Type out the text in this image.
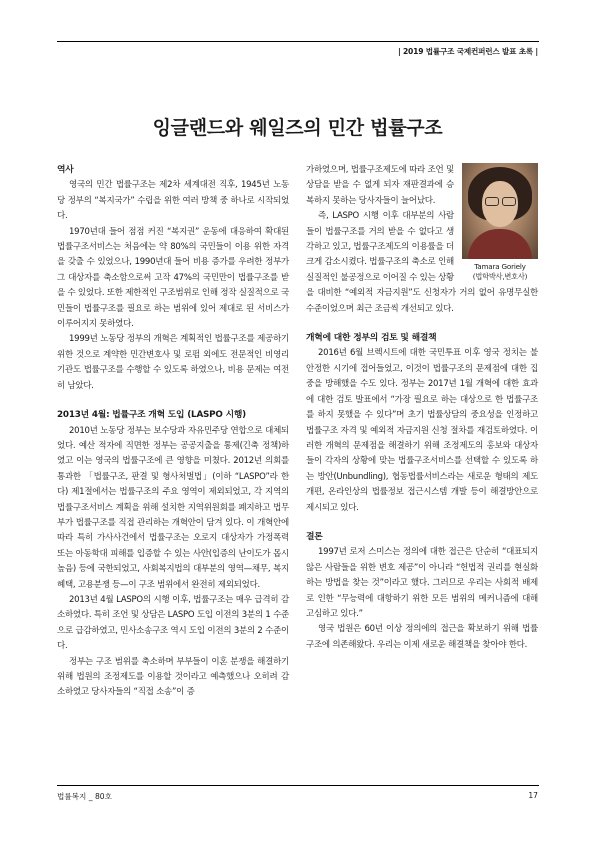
| 2019 법률구조 국제컨퍼런스 발표 초록 |
잉글랜드와 웨일즈의 민간 법률구조
역사

영국의 민간 법률구조는 제2차 세계대전 직후, 1945년 노동당 정부의 “복지국가” 수립을 위한 여러 방책 중 하나로 시작되었다.

1970년대 들어 점점 커진 “복지권” 운동에 대응하여 확대된 법률구조서비스는 처음에는 약 80%의 국민들이 이용 위한 자격을 갖출 수 있었으나, 1990년대 들어 비용 증가를 우려한 정부가 그 대상자를 축소함으로써 고작 47%의 국민만이 법률구조를 받을 수 있었다. 또한 제한적인 구조범위로 인해 정작 실질적으로 국민들이 법률구조를 필요로 하는 범위에 있어 제대로 된 서비스가 이루어지지 못하였다.

1999년 노동당 정부의 개혁은 계획적인 법률구조를 제공하기 위한 것으로 계약한 민간변호사 및 로펌 외에도 전문적인 비영리기관도 법률구조를 수행할 수 있도록 하였으나, 비용 문제는 여전히 남았다.

2013년 4월: 법률구조 개혁 도입 (LASPO 시행)

2010년 노동당 정부는 보수당과 자유민주당 연합으로 대체되었다. 예산 적자에 직면한 정부는 공공지출을 통제(긴축 정책)하였고 이는 영국의 법률구조에 큰 영향을 미쳤다. 2012년 의회를 통과한 「법률구조, 판결 및 형사처벌법」(이하 “LASPO”라 한다) 제1절에서는 법률구조의 주요 영역이 제외되었고, 각 지역의 법률구조서비스 계획을 위해 설치한 지역위원회를 폐지하고 법무부가 법률구조를 직접 관리하는 개혁안이 담겨 있다. 이 개혁안에 따라 특히 가사사건에서 법률구조는 오로지 대상자가 가정폭력 또는 아동학대 피해를 입증할 수 있는 사안(입증의 난이도가 몹시 높음) 등에 국한되었고, 사회복지법의 대부분의 영역—채무, 복지혜택, 고용분쟁 등—이 구조 범위에서 완전히 제외되었다.

2013년 4월 LASPO의 시행 이후, 법률구조는 매우 급격히 감소하였다. 특히 조언 및 상담은 LASPO 도입 이전의 3분의 1 수준으로 급감하였고, 민사소송구조 역시 도입 이전의 3분의 2 수준이다.

정부는 구조 범위를 축소하며 부부들이 이혼 분쟁을 해결하기 위해 법원의 조정제도를 이용할 것이라고 예측했으나 오히려 감소하였고 당사자들의 “직접 소송”이 증

Tamara Goriely
(법학박사,변호사)

가하였으며, 법률구조제도에 따라 조언 및 상담을 받을 수 없게 되자 재판결과에 승복하지 못하는 당사자들이 늘어났다.

즉, LASPO 시행 이후 대부분의 사람들이 법률구조를 거의 받을 수 없다고 생각하고 있고, 법률구조제도의 이용률을 더 크게 감소시켰다. 법률구조의 축소로 인해 실질적인 불공정으로 이어질 수 있는 상황을 대비한 “예외적 자금지원”도 신청자가 거의 없어 유명무실한 수준이었으며 최근 조금씩 개선되고 있다.

개혁에 대한 정부의 검토 및 해결책

2016년 6월 브렉시트에 대한 국민투표 이후 영국 정치는 불안정한 시기에 접어들었고, 이것이 법률구조의 문제점에 대한 집중을 방해했을 수도 있다. 정부는 2017년 1월 개혁에 대한 효과에 대한 검토 발표에서 “가장 필요로 하는 대상으로 한 법률구조를 하지 못했을 수 있다”며 초기 법률상담의 중요성을 인정하고 법률구조 자격 및 예외적 자금지원 신청 절차를 재검토하였다. 이러한 개혁의 문제점을 해결하기 위해 조정제도의 홍보와 대상자들이 각자의 상황에 맞는 법률구조서비스를 선택할 수 있도록 하는 방안(Unbundling), 협동법률서비스라는 새로운 형태의 제도 개편, 온라인상의 법률정보 접근시스템 개발 등이 해결방안으로 제시되고 있다.

결론

1997년 로저 스미스는 정의에 대한 접근은 단순히 “대표되지 않은 사람들을 위한 변호 제공”이 아니라 “헌법적 권리를 현실화하는 방법을 찾는 것”이라고 했다. 그러므로 우리는 사회적 배제로 인한 “무능력에 대항하기 위한 모든 범위의 메커니즘에 대해 고심하고 있다.”

영국 법원은 60년 이상 정의에의 접근을 확보하기 위해 법률구조에 의존해왔다. 우리는 이제 새로운 해결책을 찾아야 한다.

법률복지 _ 80호	17
